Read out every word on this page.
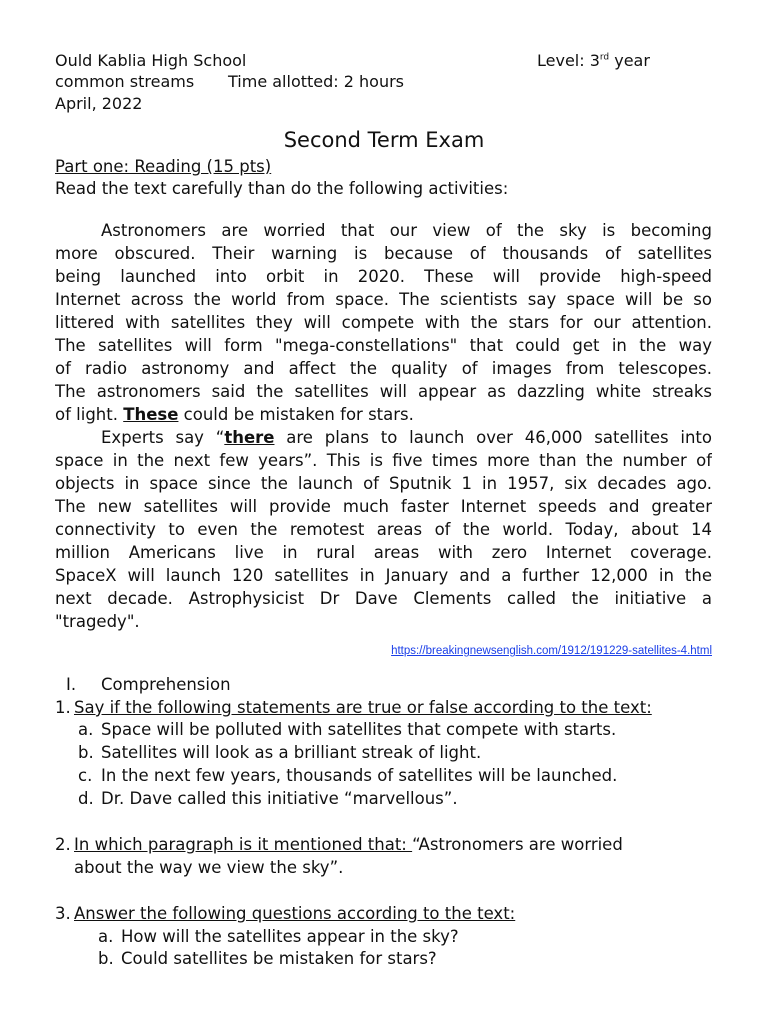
Ould Kablia High School	Level: 3rd year
common streams Time allotted: 2 hours
April, 2022
Second Term Exam
Part one: Reading (15 pts)
Read the text carefully than do the following activities:
Astronomers are worried that our view of the sky is becoming
more obscured. Their warning is because of thousands of satellites
being launched into orbit in 2020. These will provide high-speed
Internet across the world from space. The scientists say space will be so
littered with satellites they will compete with the stars for our attention.
The satellites will form "mega-constellations" that could get in the way
of radio astronomy and affect the quality of images from telescopes.
The astronomers said the satellites will appear as dazzling white streaks
of light. These could be mistaken for stars.
Experts say “there are plans to launch over 46,000 satellites into
space in the next few years”. This is five times more than the number of
objects in space since the launch of Sputnik 1 in 1957, six decades ago.
The new satellites will provide much faster Internet speeds and greater
connectivity to even the remotest areas of the world. Today, about 14
million Americans live in rural areas with zero Internet coverage.
SpaceX will launch 120 satellites in January and a further 12,000 in the
next decade. Astrophysicist Dr Dave Clements called the initiative a
"tragedy".
https://breakingnewsenglish.com/1912/191229-satellites-4.html
I. Comprehension
1. Say if the following statements are true or false according to the text:
a. Space will be polluted with satellites that compete with starts.
b. Satellites will look as a brilliant streak of light.
c. In the next few years, thousands of satellites will be launched.
d. Dr. Dave called this initiative “marvellous”.
2. In which paragraph is it mentioned that: “Astronomers are worried
about the way we view the sky”.
3. Answer the following questions according to the text:
a. How will the satellites appear in the sky?
b. Could satellites be mistaken for stars?
